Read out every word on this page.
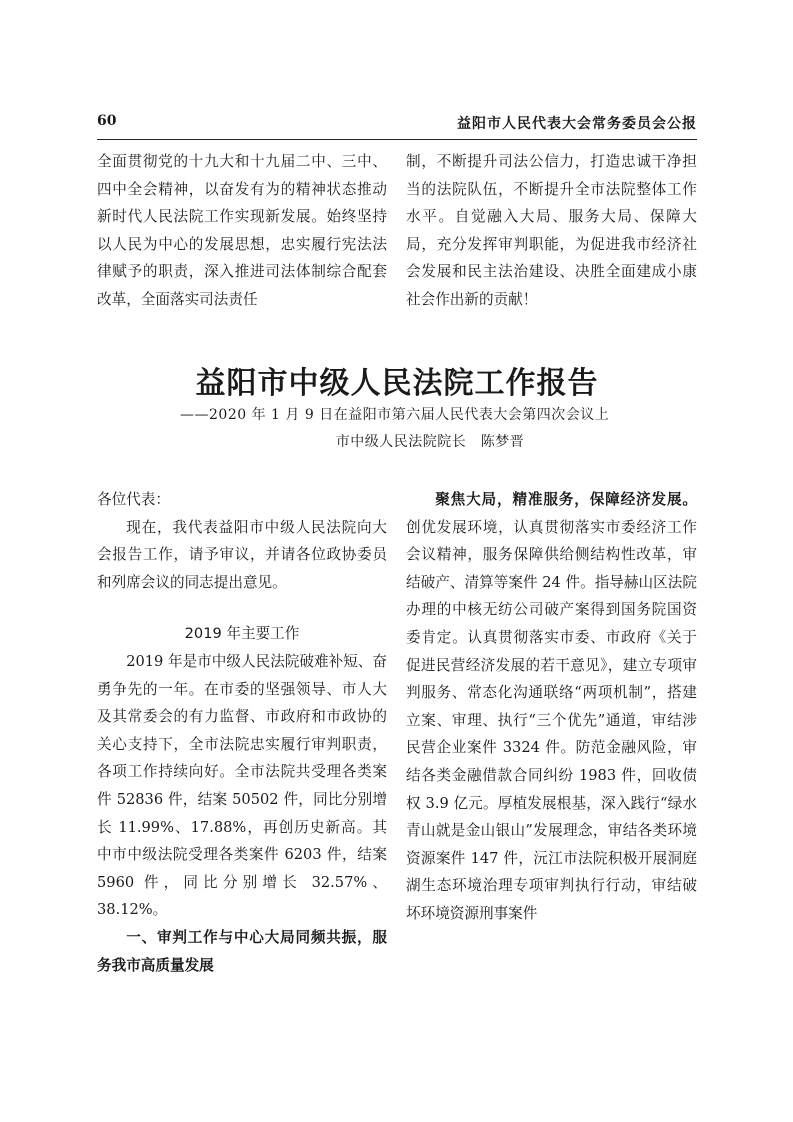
60	益阳市人民代表大会常务委员会公报

全面贯彻党的十九大和十九届二中、三中、四中全会精神，以奋发有为的精神状态推动新时代人民法院工作实现新发展。始终坚持以人民为中心的发展思想，忠实履行宪法法律赋予的职责，深入推进司法体制综合配套改革，全面落实司法责任

制，不断提升司法公信力，打造忠诚干净担当的法院队伍，不断提升全市法院整体工作水平。自觉融入大局、服务大局、保障大局，充分发挥审判职能，为促进我市经济社会发展和民主法治建设、决胜全面建成小康社会作出新的贡献！

益阳市中级人民法院工作报告
——2020 年 1 月 9 日在益阳市第六届人民代表大会第四次会议上
市中级人民法院院长　陈梦晋

各位代表：

现在，我代表益阳市中级人民法院向大会报告工作，请予审议，并请各位政协委员和列席会议的同志提出意见。

2019 年主要工作

2019 年是市中级人民法院破难补短、奋勇争先的一年。在市委的坚强领导、市人大及其常委会的有力监督、市政府和市政协的关心支持下，全市法院忠实履行审判职责，各项工作持续向好。全市法院共受理各类案件 52836 件，结案 50502 件，同比分别增长 11.99%、17.88%，再创历史新高。其中市中级法院受理各类案件 6203 件，结案 5960 件，同比分别增长 32.57%、38.12%。

一、审判工作与中心大局同频共振，服务我市高质量发展

聚焦大局，精准服务，保障经济发展。创优发展环境，认真贯彻落实市委经济工作会议精神，服务保障供给侧结构性改革，审结破产、清算等案件 24 件。指导赫山区法院办理的中核无纺公司破产案得到国务院国资委肯定。认真贯彻落实市委、市政府《关于促进民营经济发展的若干意见》，建立专项审判服务、常态化沟通联络“两项机制”，搭建立案、审理、执行“三个优先”通道，审结涉民营企业案件 3324 件。防范金融风险，审结各类金融借款合同纠纷 1983 件，回收债权 3.9 亿元。厚植发展根基，深入践行“绿水青山就是金山银山”发展理念，审结各类环境资源案件 147 件，沅江市法院积极开展洞庭湖生态环境治理专项审判执行行动，审结破坏环境资源刑事案件
